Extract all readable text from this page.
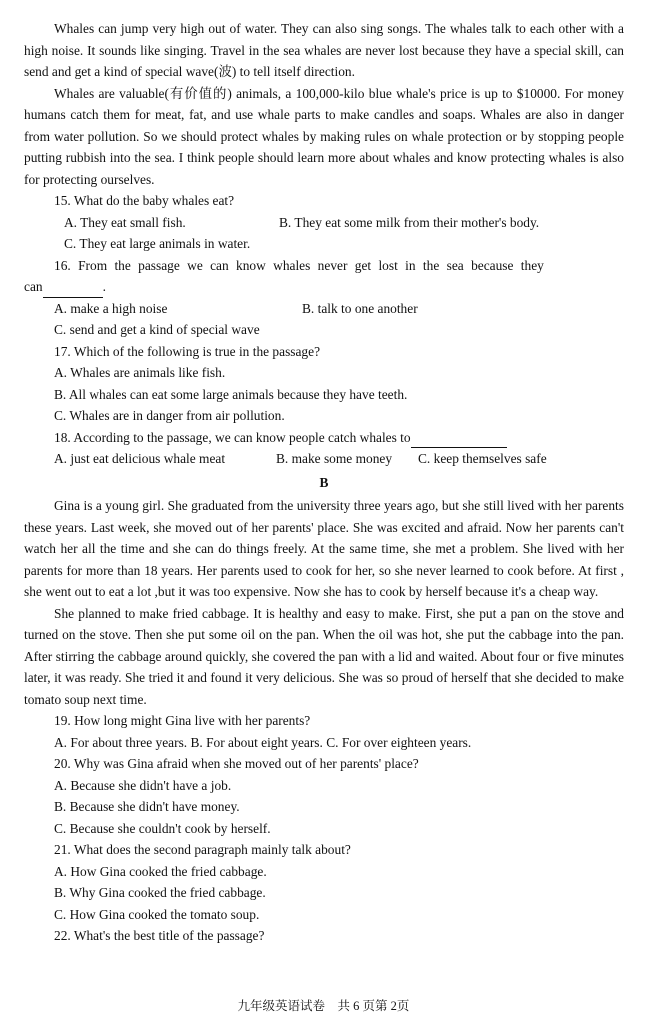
Whales can jump very high out of water. They can also sing songs. The whales talk to each other with a high noise. It sounds like singing. Travel in the sea whales are never lost because they have a special skill, can send and get a kind of special wave(波) to tell itself direction.

Whales are valuable(有价值的) animals, a 100,000-kilo blue whale's price is up to $10000. For money humans catch them for meat, fat, and use whale parts to make candles and soaps. Whales are also in danger from water pollution. So we should protect whales by making rules on whale protection or by stopping people putting rubbish into the sea. I think people should learn more about whales and know protecting whales is also for protecting ourselves.

15. What do the baby whales eat?

A. They eat small fish.	B. They eat some milk from their mother's body.

C. They eat large animals in water.

16. From the passage we can know whales never get lost in the sea because they

can	.

A. make a high noise	B. talk to one another

C. send and get a kind of special wave

17. Which of the following is true in the passage?

A. Whales are animals like fish.

B. All whales can eat some large animals because they have teeth.

C. Whales are in danger from air pollution.

18. According to the passage, we can know people catch whales to

A. just eat delicious whale meat	B. make some money	C. keep themselves safe

B

Gina is a young girl. She graduated from the university three years ago, but she still lived with her parents these years. Last week, she moved out of her parents' place. She was excited and afraid. Now her parents can't watch her all the time and she can do things freely. At the same time, she met a problem. She lived with her parents for more than 18 years. Her parents used to cook for her, so she never learned to cook before. At first , she went out to eat a lot ,but it was too expensive. Now she has to cook by herself because it's a cheap way.

She planned to make fried cabbage. It is healthy and easy to make. First, she put a pan on the stove and turned on the stove. Then she put some oil on the pan. When the oil was hot, she put the cabbage into the pan. After stirring the cabbage around quickly, she covered the pan with a lid and waited. About four or five minutes later, it was ready. She tried it and found it very delicious. She was so proud of herself that she decided to make tomato soup next time.

19. How long might Gina live with her parents?

A. For about three years. B. For about eight years. C. For over eighteen years.

20. Why was Gina afraid when she moved out of her parents' place?

A. Because she didn't have a job.

B. Because she didn't have money.

C. Because she couldn't cook by herself.

21. What does the second paragraph mainly talk about?

A. How Gina cooked the fried cabbage.

B. Why Gina cooked the fried cabbage.

C. How Gina cooked the tomato soup.

22. What's the best title of the passage?

九年级英语试卷　共 6 页第 2页
